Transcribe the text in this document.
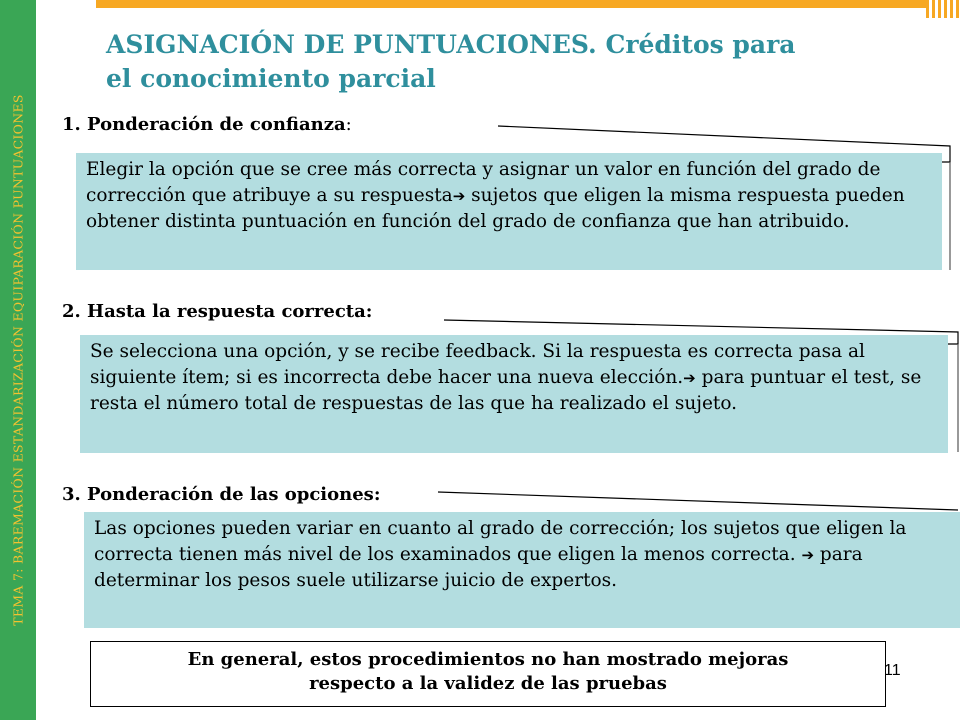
TEMA 7: BAREMACIÓN ESTANDARIZACIÓN EQUIPARACIÓN PUNTUACIONES
ASIGNACIÓN DE PUNTUACIONES. Créditos para
el conocimiento parcial
1. Ponderación de confianza:
Elegir la opción que se cree más correcta y asignar un valor en función del grado de corrección que atribuye a su respuesta➔ sujetos que eligen la misma respuesta pueden obtener distinta puntuación en función del grado de confianza que han atribuido.
2. Hasta la respuesta correcta:
Se selecciona una opción, y se recibe feedback. Si la respuesta es correcta pasa al siguiente ítem; si es incorrecta debe hacer una nueva elección.➔ para puntuar el test, se resta el número total de respuestas de las que ha realizado el sujeto.
3. Ponderación de las opciones:
Las opciones pueden variar en cuanto al grado de corrección; los sujetos que eligen la correcta tienen más nivel de los examinados que eligen la menos correcta. ➔ para determinar los pesos suele utilizarse juicio de expertos.
En general, estos procedimientos no han mostrado mejoras
respecto a la validez de las pruebas
11
